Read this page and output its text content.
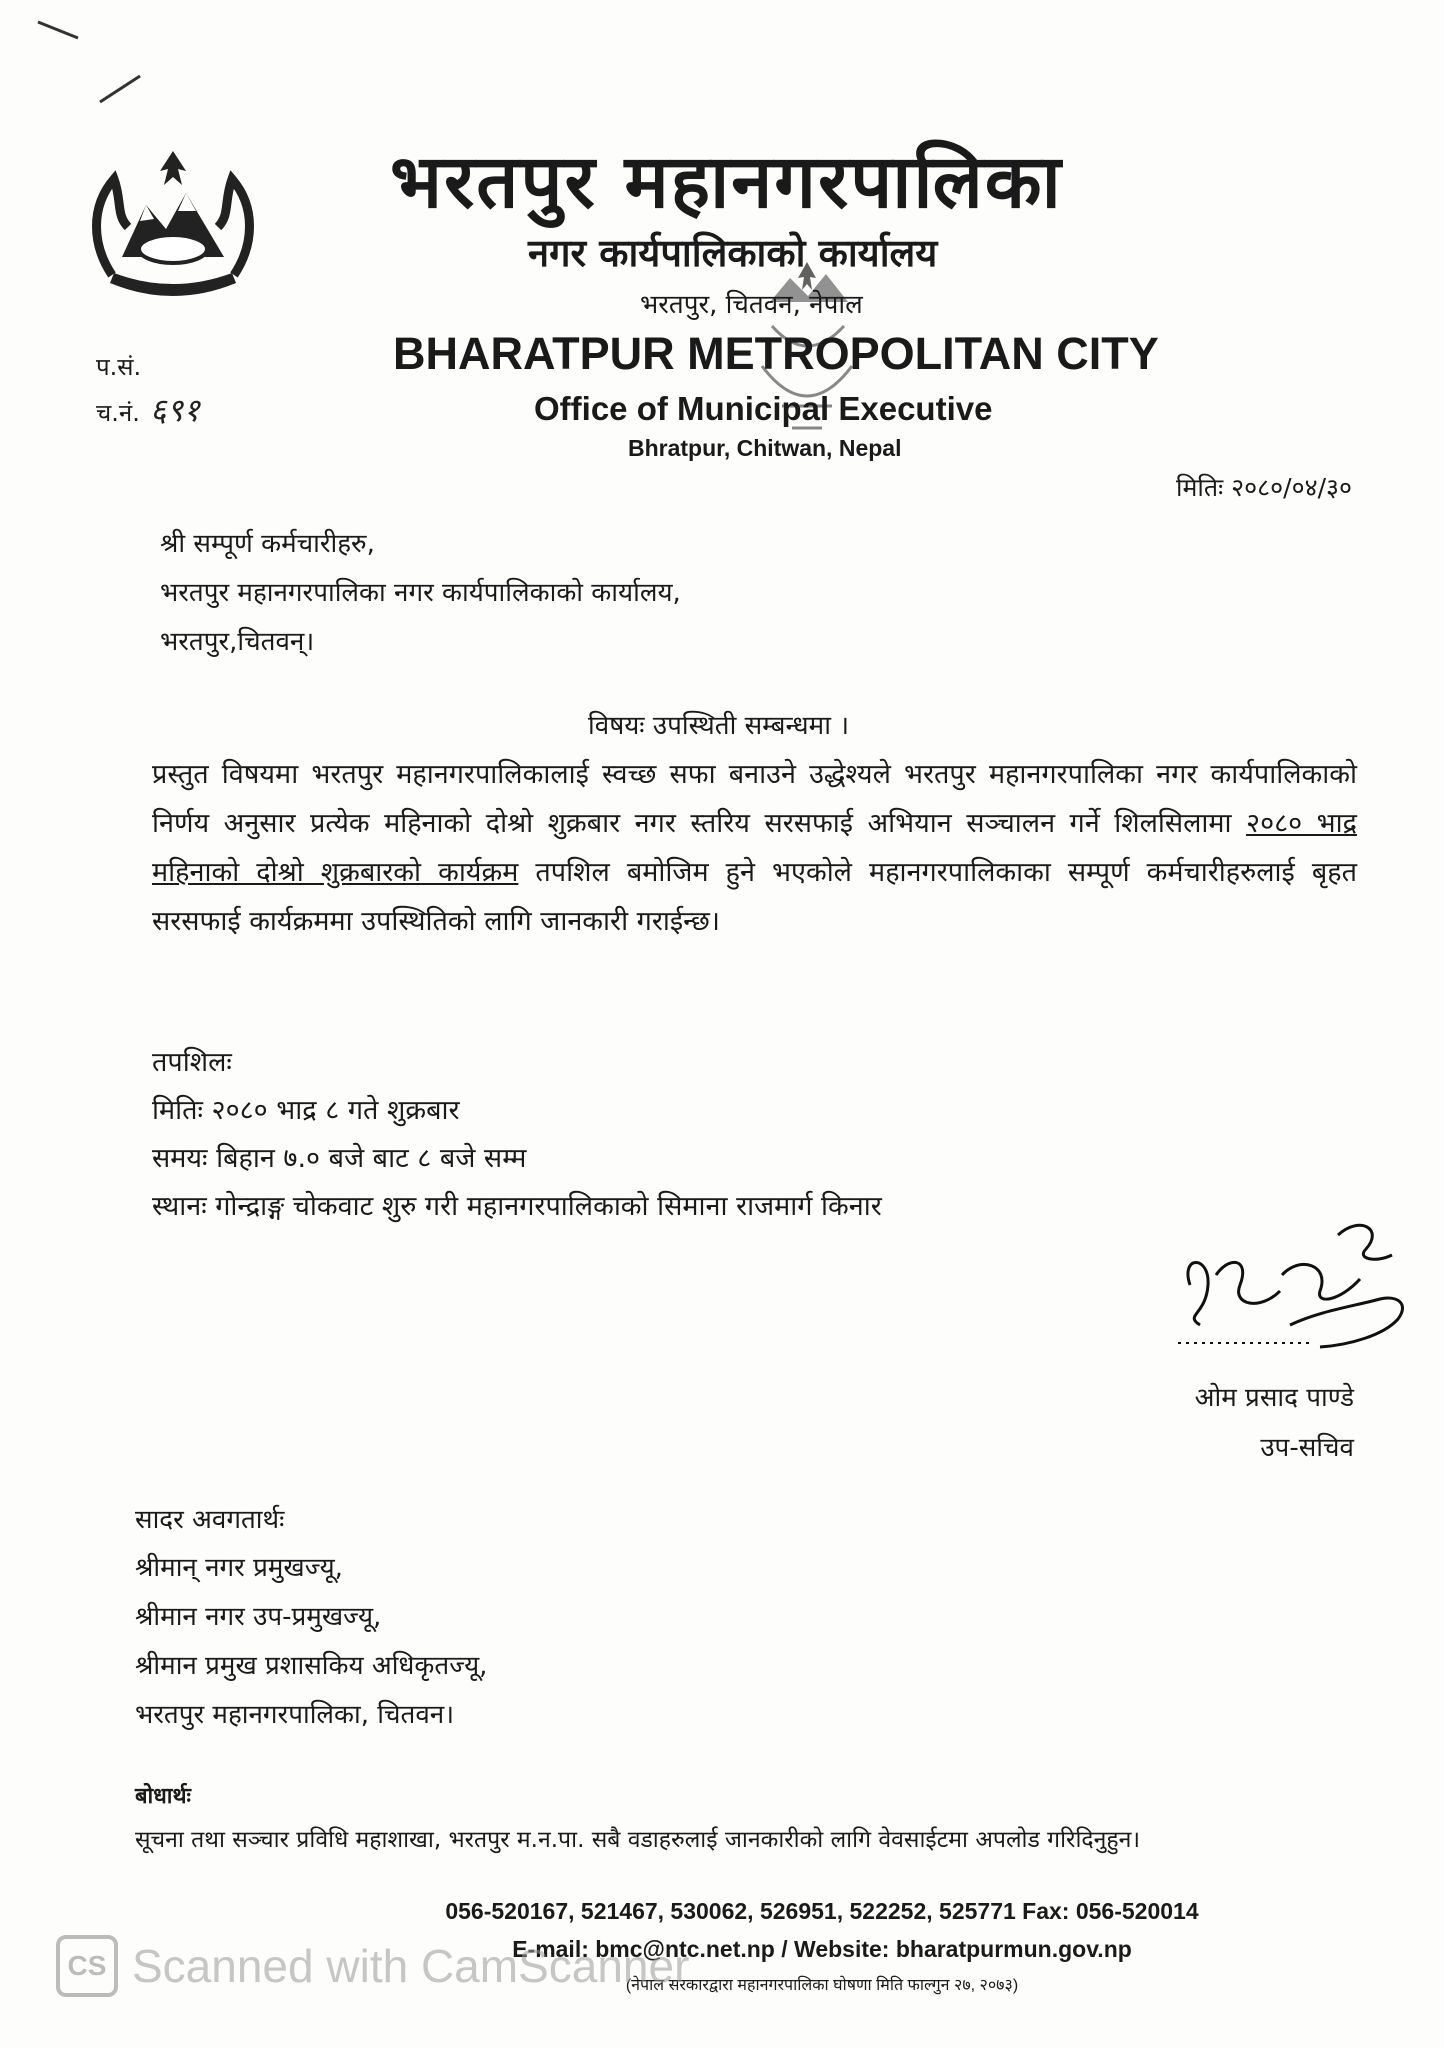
भरतपुर महानगरपालिका
नगर कार्यपालिकाको कार्यालय
भरतपुर, चितवन, नेपाल
BHARATPUR METROPOLITAN CITY
Office of Municipal Executive
Bhratpur, Chitwan, Nepal
प.सं.
च.नं. ६९१
मितिः २०८०/०४/३०
श्री सम्पूर्ण कर्मचारीहरु,
भरतपुर महानगरपालिका नगर कार्यपालिकाको कार्यालय,
भरतपुर,चितवन्।
विषयः उपस्थिती सम्बन्धमा ।
प्रस्तुत विषयमा भरतपुर महानगरपालिकालाई स्वच्छ सफा बनाउने उद्धेश्यले भरतपुर महानगरपालिका नगर कार्यपालिकाको निर्णय अनुसार प्रत्येक महिनाको दोश्रो शुक्रबार नगर स्तरिय सरसफाई अभियान सञ्चालन गर्ने शिलसिलामा २०८० भाद्र महिनाको दोश्रो शुक्रबारको कार्यक्रम तपशिल बमोजिम हुने भएकोले महानगरपालिकाका सम्पूर्ण कर्मचारीहरुलाई बृहत सरसफाई कार्यक्रममा उपस्थितिको लागि जानकारी गराईन्छ।
तपशिलः
मितिः २०८० भाद्र ८ गते शुक्रबार
समयः बिहान ७.० बजे बाट ८ बजे सम्म
स्थानः गोन्द्राङ्ग चोकवाट शुरु गरी महानगरपालिकाको सिमाना राजमार्ग किनार
ओम प्रसाद पाण्डे
उप-सचिव
सादर अवगतार्थः
श्रीमान् नगर प्रमुखज्यू,
श्रीमान नगर उप-प्रमुखज्यू,
श्रीमान प्रमुख प्रशासकिय अधिकृतज्यू,
भरतपुर महानगरपालिका, चितवन।
बोधार्थः
सूचना तथा सञ्चार प्रविधि महाशाखा, भरतपुर म.न.पा. सबै वडाहरुलाई जानकारीको लागि वेवसाईटमा अपलोड गरिदिनुहुन।
056-520167, 521467, 530062, 526951, 522252, 525771 Fax: 056-520014
E-mail: bmc@ntc.net.np / Website: bharatpurmun.gov.np
(नेपाल सरकारद्वारा महानगरपालिका घोषणा मिति फाल्गुन २७, २०७३)
CS Scanned with CamScanner
